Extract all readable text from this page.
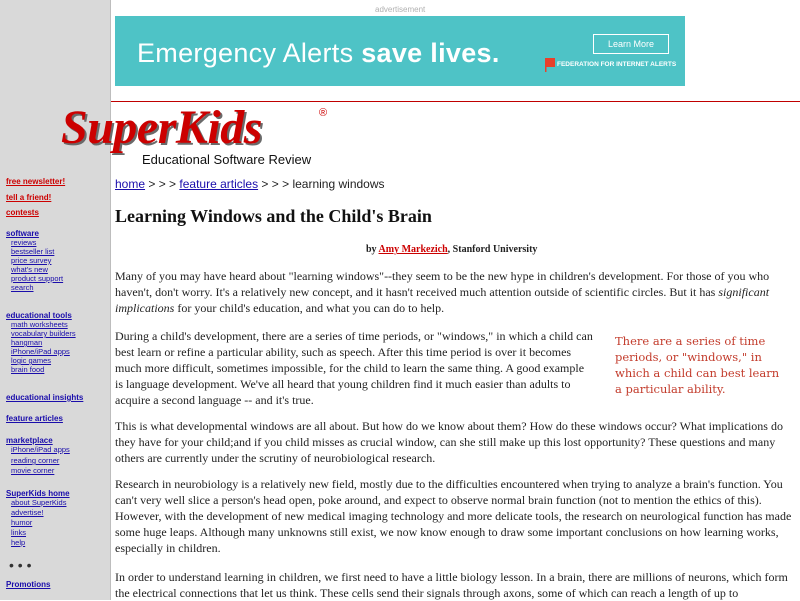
free newsletter!
tell a friend!
contests
software
reviews
bestseller list
price survey
what's new
product support
search
educational tools
math worksheets
vocabulary builders
hangman
iPhone/iPad apps
logic games
brain food
educational insights
feature articles
marketplace
iPhone/iPad apps
reading corner
movie corner
SuperKids home
about SuperKids
advertise!
humor
links
help
• • •
Promotions
advertisement
Emergency Alerts save lives.	Learn More
FEDERATION FOR INTERNET ALERTS
SuperKids	®
Educational Software Review
home > > > feature articles > > > learning windows
Learning Windows and the Child's Brain
by Amy Markezich, Stanford University
Many of you may have heard about "learning windows"--they seem to be the new hype in children's development. For those of you who haven't, don't worry. It's a relatively new concept, and it hasn't received much attention outside of scientific circles. But it has significant implications for your child's education, and what you can do to help.
During a child's development, there are a series of time periods, or "windows," in which a child can best learn or refine a particular ability, such as speech. After this time period is over it becomes much more difficult, sometimes impossible, for the child to learn the same thing. A good example is language development. We've all heard that young children find it much easier than adults to acquire a second language -- and it's true.
There are a series of time periods, or "windows," in which a child can best learn a particular ability.
This is what developmental windows are all about. But how do we know about them? How do these windows occur? What implications do they have for your child;and if you child misses as crucial window, can she still make up this lost opportunity? These questions and many others are currently under the scrutiny of neurobiological research.
Research in neurobiology is a relatively new field, mostly due to the difficulties encountered when trying to analyze a brain's function. You can't very well slice a person's head open, poke around, and expect to observe normal brain function (not to mention the ethics of this). However, with the development of new medical imaging technology and more delicate tools, the research on neurological function has made some huge leaps. Although many unknowns still exist, we now know enough to draw some important conclusions on how learning works, especially in children.
In order to understand learning in children, we first need to have a little biology lesson. In a brain, there are millions of neurons, which form the electrical connections that let us think. These cells send their signals through axons, some of which can reach a length of up to
